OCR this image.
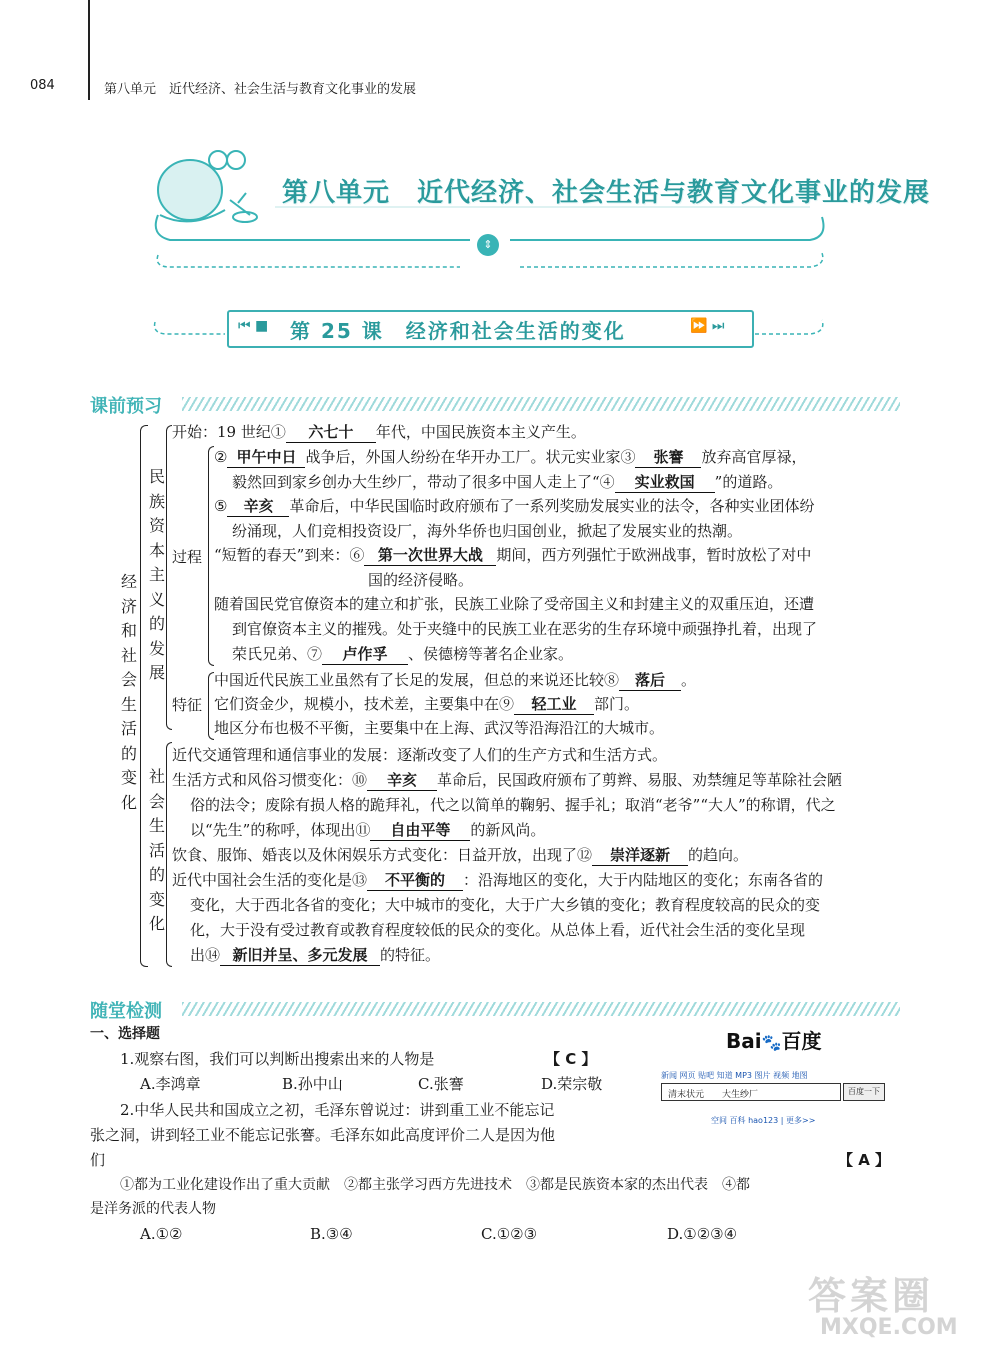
084	第八单元　近代经济、社会生活与教育文化事业的发展
第八单元　近代经济、社会生活与教育文化事业的发展
⇕
⏮ ■ 第 25 课　经济和社会生活的变化	⏩ ⏭
课前预习
经
济
和
社
会
生
活
的
变
化
民
族
资
本
主
义
的
发
展
过程
特征
社
会
生
活
的
变
化
开始：19 世纪① 六七十 年代，中国民族资本主义产生。
② 甲午中日 战争后，外国人纷纷在华开办工厂。状元实业家③ 张謇 放弃高官厚禄，
毅然回到家乡创办大生纱厂，带动了很多中国人走上了“④ 实业救国 ”的道路。
⑤ 辛亥 革命后，中华民国临时政府颁布了一系列奖励发展实业的法令，各种实业团体纷
纷涌现，人们竞相投资设厂，海外华侨也归国创业，掀起了发展实业的热潮。
“短暂的春天”到来：⑥ 第一次世界大战 期间，西方列强忙于欧洲战事，暂时放松了对中
国的经济侵略。
随着国民党官僚资本的建立和扩张，民族工业除了受帝国主义和封建主义的双重压迫，还遭
到官僚资本主义的摧残。处于夹缝中的民族工业在恶劣的生存环境中顽强挣扎着，出现了
荣氏兄弟、⑦ 卢作孚 、侯德榜等著名企业家。
中国近代民族工业虽然有了长足的发展，但总的来说还比较⑧ 落后 。
它们资金少，规模小，技术差，主要集中在⑨ 轻工业 部门。
地区分布也极不平衡，主要集中在上海、武汉等沿海沿江的大城市。
近代交通管理和通信事业的发展：逐渐改变了人们的生产方式和生活方式。
生活方式和风俗习惯变化：⑩ 辛亥 革命后，民国政府颁布了剪辫、易服、劝禁缠足等革除社会陋
俗的法令；废除有损人格的跪拜礼，代之以简单的鞠躬、握手礼；取消“老爷”“大人”的称谓，代之
以“先生”的称呼，体现出⑪ 自由平等 的新风尚。
饮食、服饰、婚丧以及休闲娱乐方式变化：日益开放，出现了⑫ 崇洋逐新 的趋向。
近代中国社会生活的变化是⑬ 不平衡的 ：沿海地区的变化，大于内陆地区的变化；东南各省的
变化，大于西北各省的变化；大中城市的变化，大于广大乡镇的变化；教育程度较高的民众的变
化，大于没有受过教育或教育程度较低的民众的变化。从总体上看，近代社会生活的变化呈现
出⑭ 新旧并呈、多元发展 的特征。
随堂检测
一、选择题
1.观察右图，我们可以判断出搜索出来的人物是	【 C 】
A.李鸿章	B.孙中山	C.张謇	D.荣宗敬
2.中华人民共和国成立之初，毛泽东曾说过：讲到重工业不能忘记
张之洞，讲到轻工业不能忘记张謇。毛泽东如此高度评价二人是因为他
们	【 A 】
①都为工业化建设作出了重大贡献　②都主张学习西方先进技术　③都是民族资本家的杰出代表　④都
是洋务派的代表人物
A.①②	B.③④	C.①②③	D.①②③④
Bai🐾百度
新闻 网页 贴吧 知道 MP3 图片 视频 地图
清末状元　　大生纱厂	百度一下
空间 百科 hao123 | 更多>>
答案圈
MXQE.COM
